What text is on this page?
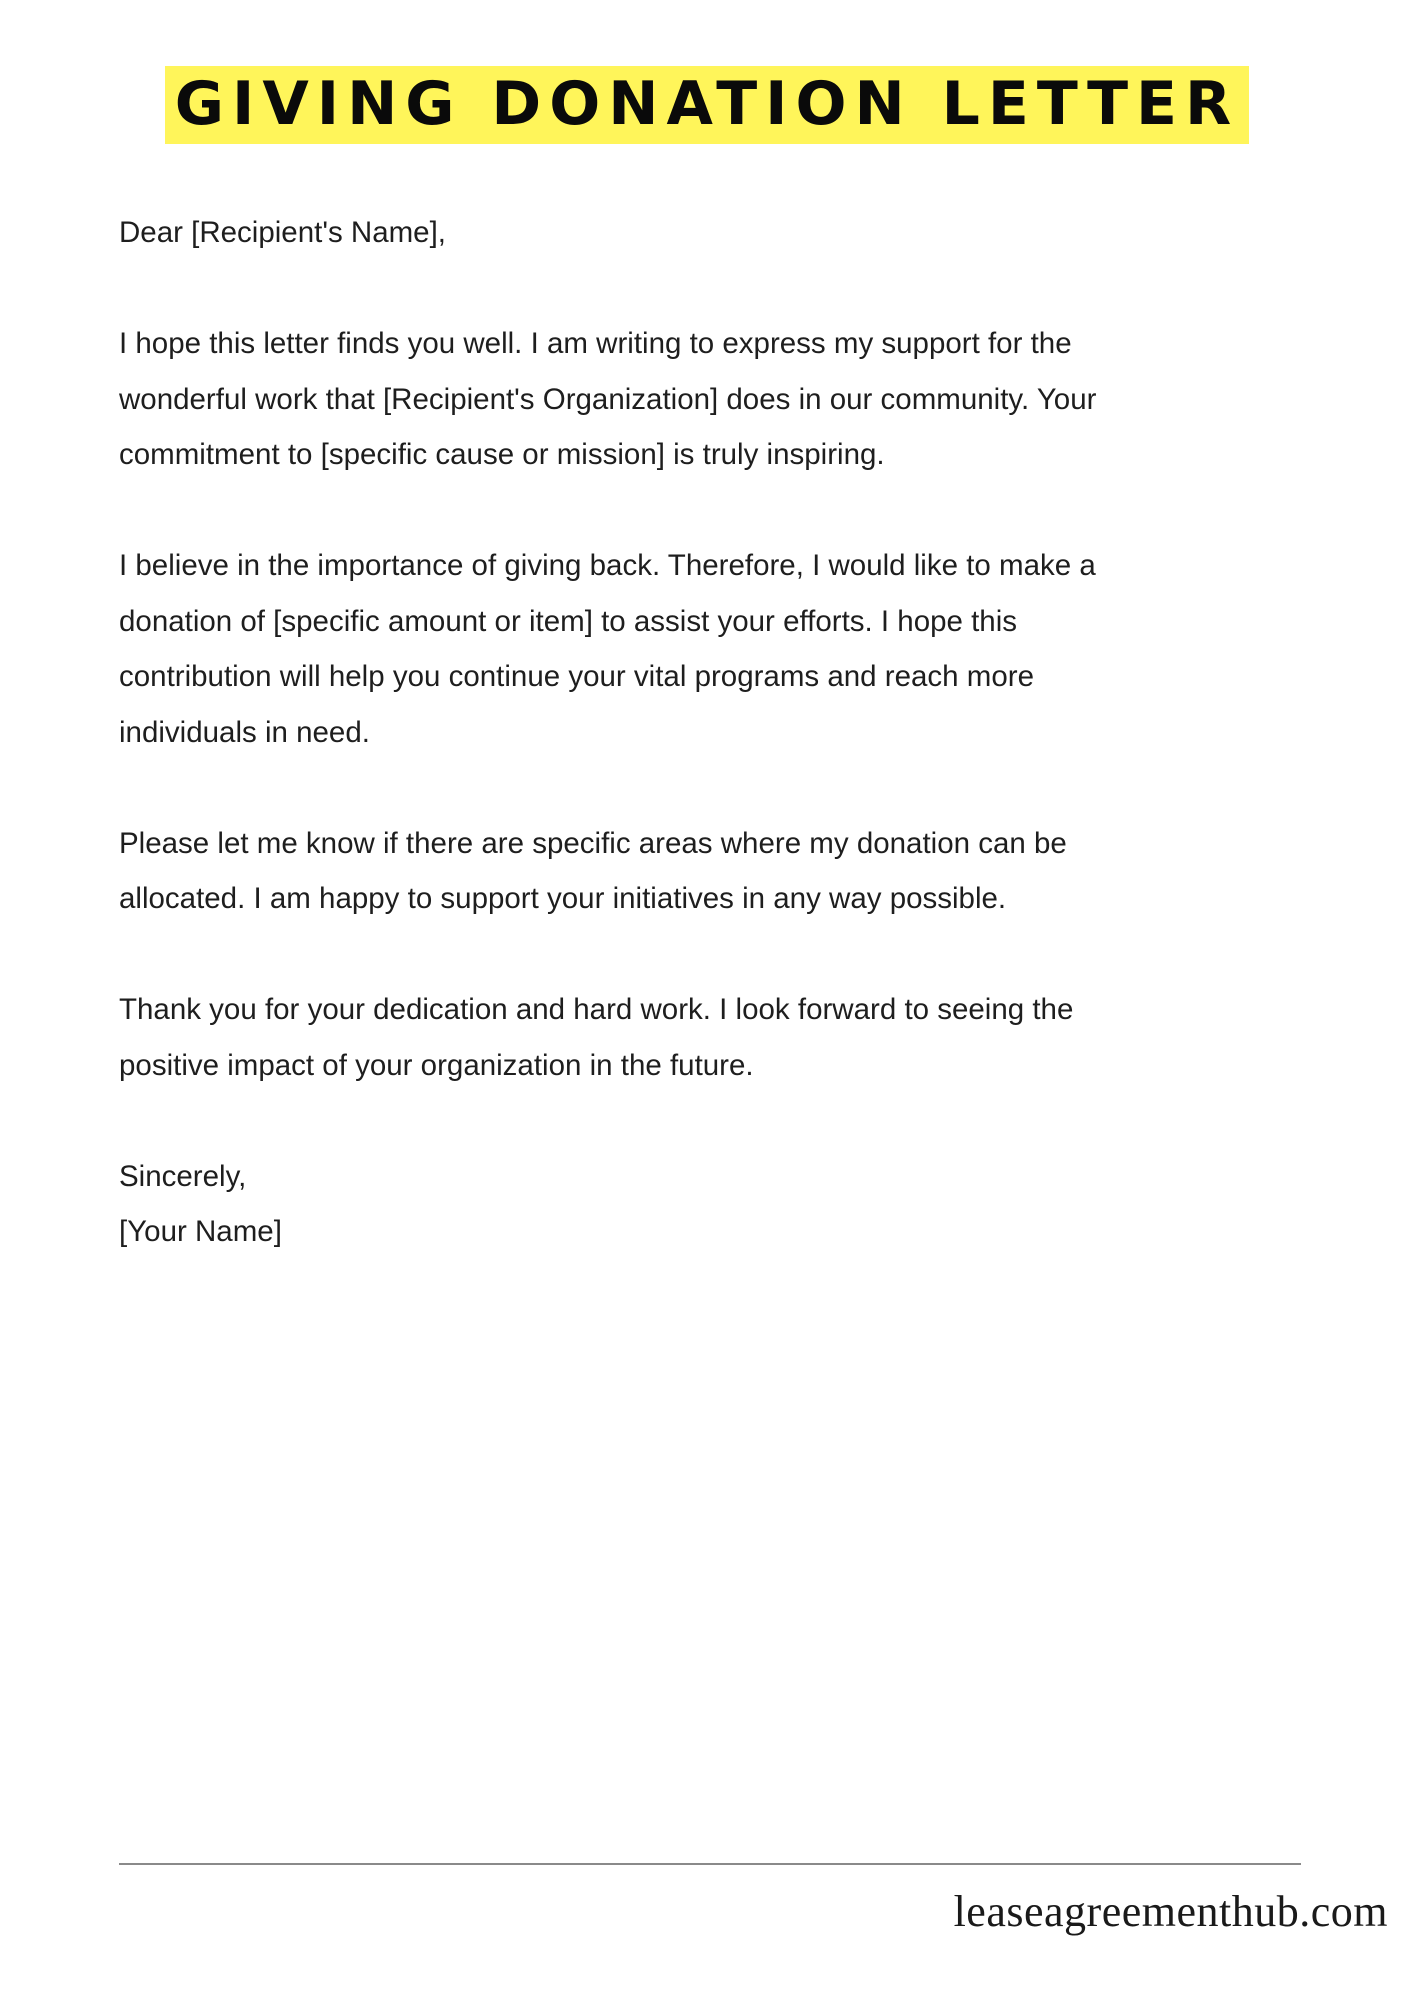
GIVING DONATION LETTER

Dear [Recipient's Name],

I hope this letter finds you well. I am writing to express my support for the
wonderful work that [Recipient's Organization] does in our community. Your
commitment to [specific cause or mission] is truly inspiring.

I believe in the importance of giving back. Therefore, I would like to make a
donation of [specific amount or item] to assist your efforts. I hope this
contribution will help you continue your vital programs and reach more
individuals in need.

Please let me know if there are specific areas where my donation can be
allocated. I am happy to support your initiatives in any way possible.

Thank you for your dedication and hard work. I look forward to seeing the
positive impact of your organization in the future.

Sincerely,
[Your Name]
leaseagreementhub.com
